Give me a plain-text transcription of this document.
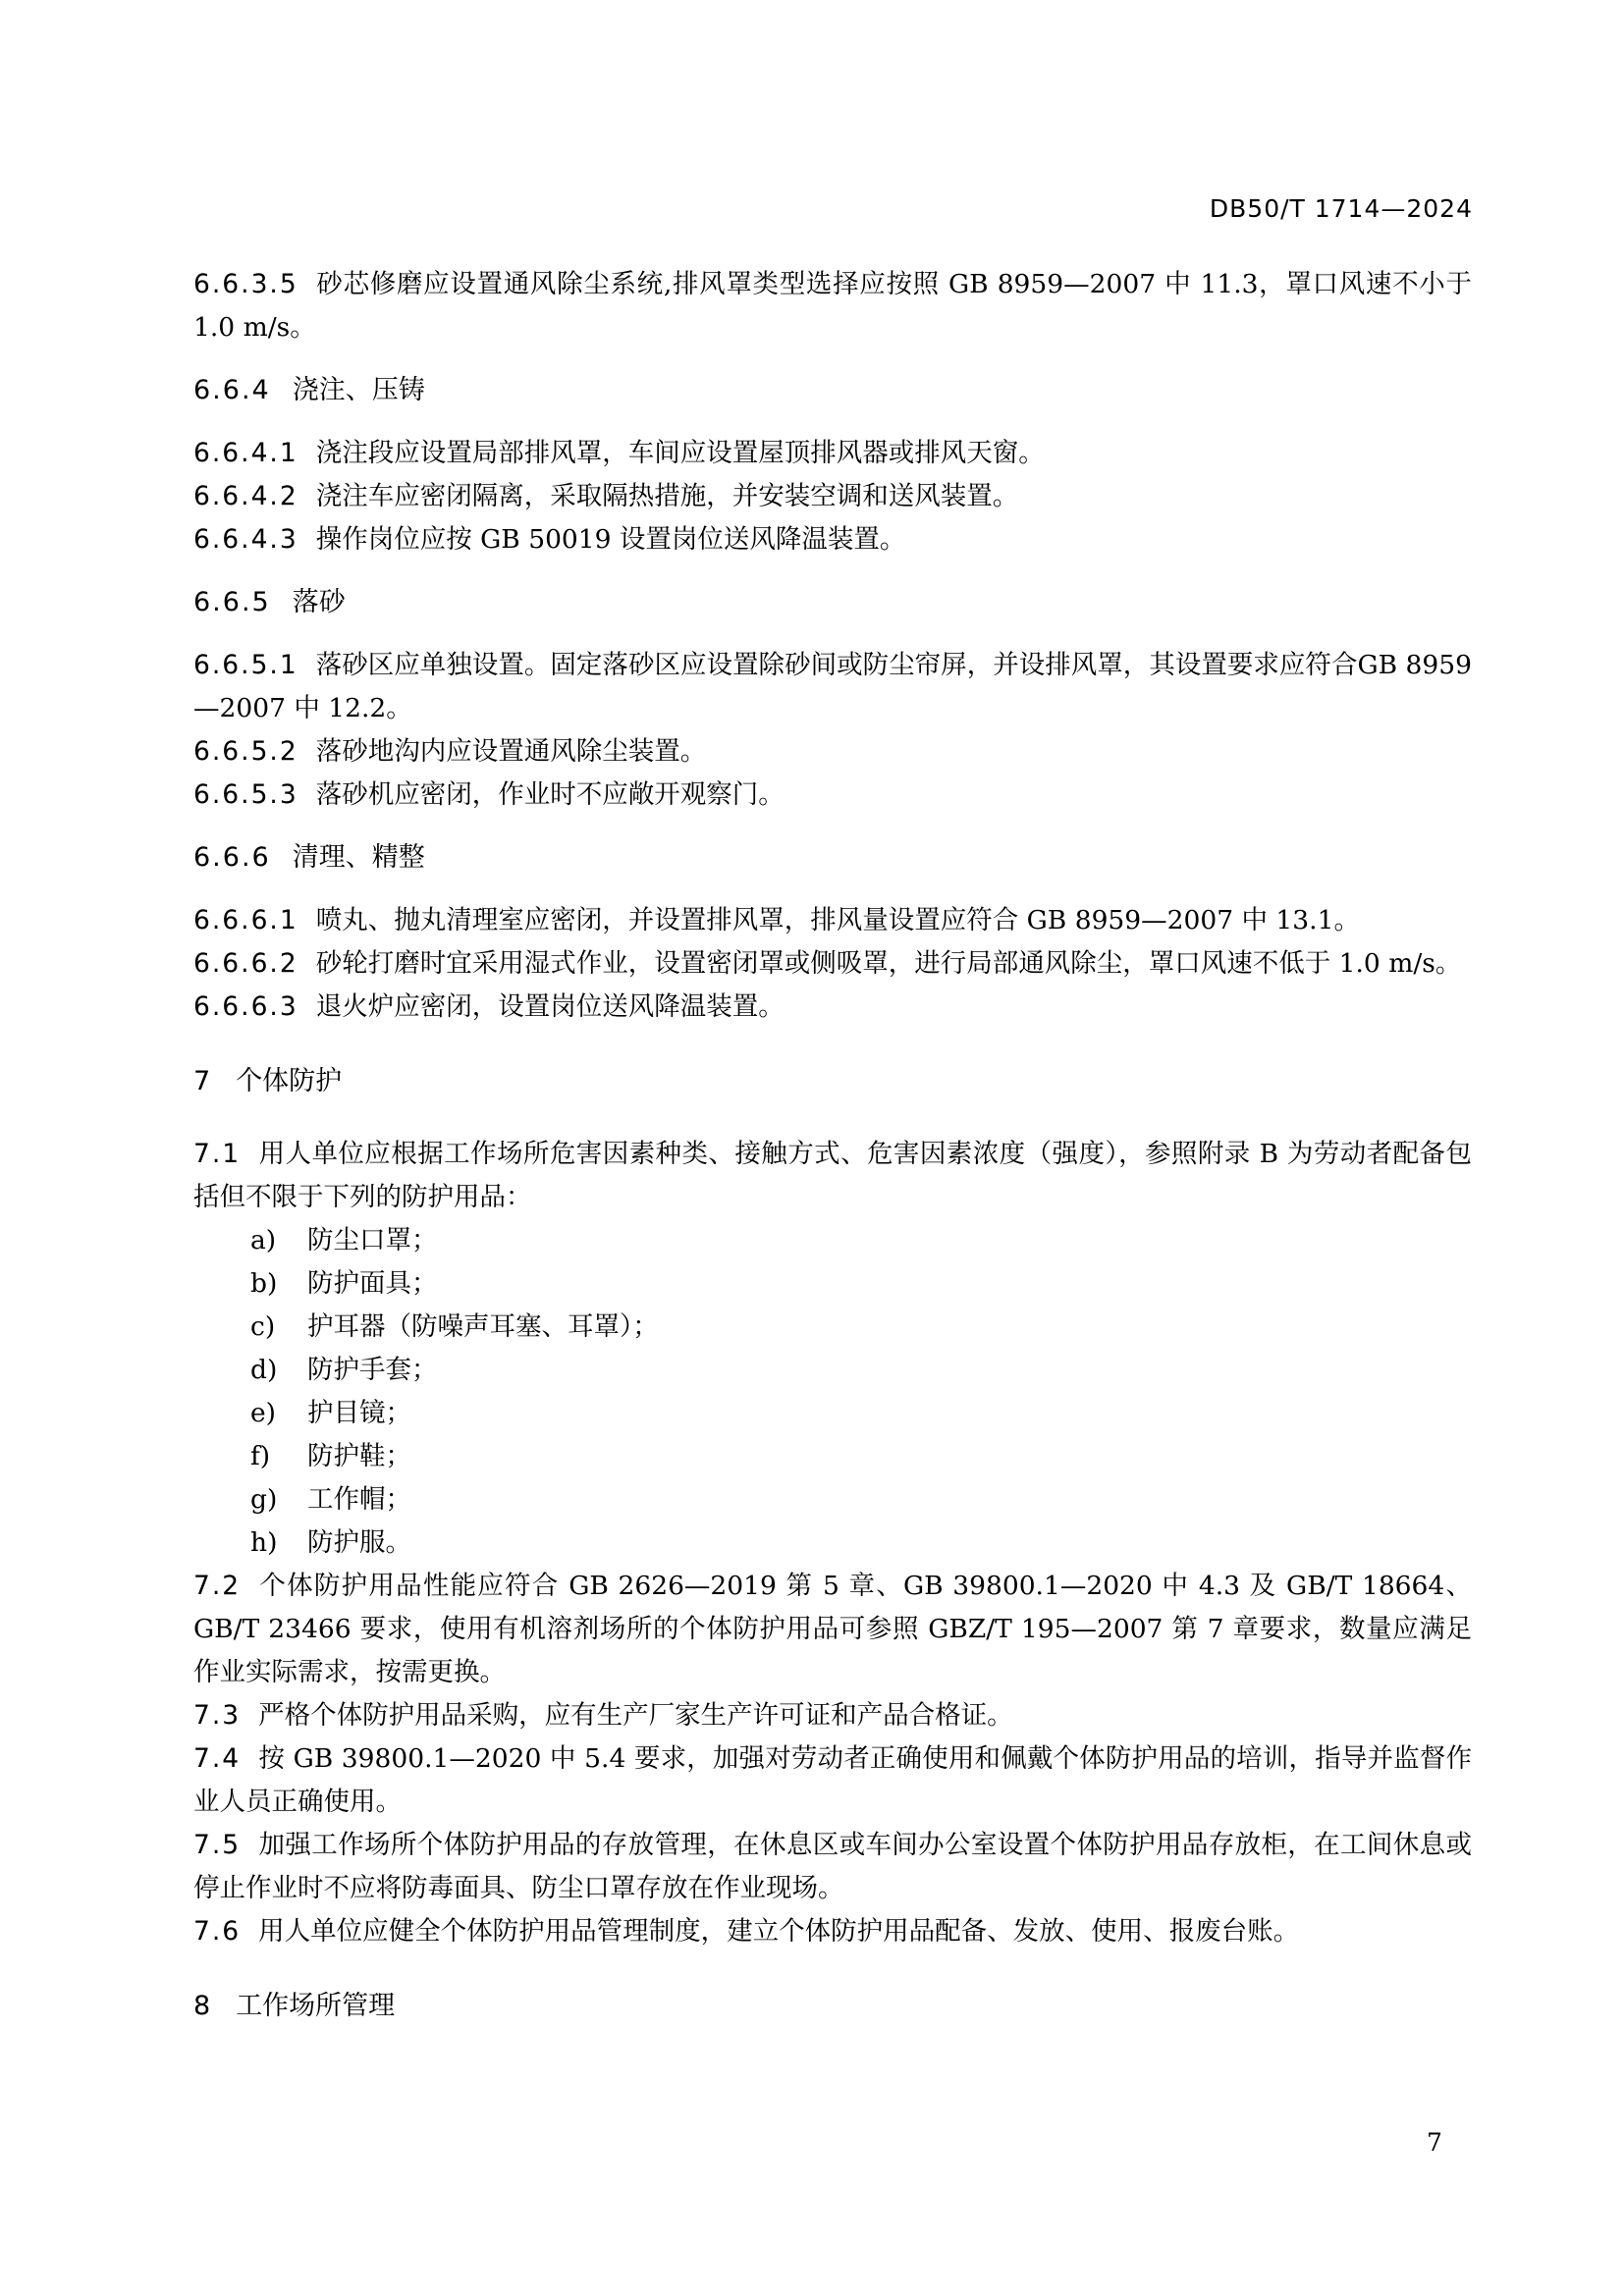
DB50/T 1714—2024

6.6.3.5 砂芯修磨应设置通风除尘系统,排风罩类型选择应按照 GB 8959—2007 中 11.3，罩口风速不小于 1.0 m/s。

6.6.4 浇注、压铸

6.6.4.1 浇注段应设置局部排风罩，车间应设置屋顶排风器或排风天窗。

6.6.4.2 浇注车应密闭隔离，采取隔热措施，并安装空调和送风装置。

6.6.4.3 操作岗位应按 GB 50019 设置岗位送风降温装置。

6.6.5 落砂

6.6.5.1 落砂区应单独设置。固定落砂区应设置除砂间或防尘帘屏，并设排风罩，其设置要求应符合GB 8959—2007 中 12.2。

6.6.5.2 落砂地沟内应设置通风除尘装置。

6.6.5.3 落砂机应密闭，作业时不应敞开观察门。

6.6.6 清理、精整

6.6.6.1 喷丸、抛丸清理室应密闭，并设置排风罩，排风量设置应符合 GB 8959—2007 中 13.1。

6.6.6.2 砂轮打磨时宜采用湿式作业，设置密闭罩或侧吸罩，进行局部通风除尘，罩口风速不低于 1.0 m/s。

6.6.6.3 退火炉应密闭，设置岗位送风降温装置。

7 个体防护

7.1 用人单位应根据工作场所危害因素种类、接触方式、危害因素浓度（强度），参照附录 B 为劳动者配备包括但不限于下列的防护用品：

a) 防尘口罩；
b) 防护面具；
c) 护耳器（防噪声耳塞、耳罩）；
d) 防护手套；
e) 护目镜；
f) 防护鞋；
g) 工作帽；
h) 防护服。

7.2 个体防护用品性能应符合 GB 2626—2019 第 5 章、GB 39800.1—2020 中 4.3 及 GB/T 18664、GB/T 23466 要求，使用有机溶剂场所的个体防护用品可参照 GBZ/T 195—2007 第 7 章要求，数量应满足作业实际需求，按需更换。

7.3 严格个体防护用品采购，应有生产厂家生产许可证和产品合格证。

7.4 按 GB 39800.1—2020 中 5.4 要求，加强对劳动者正确使用和佩戴个体防护用品的培训，指导并监督作业人员正确使用。

7.5 加强工作场所个体防护用品的存放管理，在休息区或车间办公室设置个体防护用品存放柜，在工间休息或停止作业时不应将防毒面具、防尘口罩存放在作业现场。

7.6 用人单位应健全个体防护用品管理制度，建立个体防护用品配备、发放、使用、报废台账。

8 工作场所管理
7
